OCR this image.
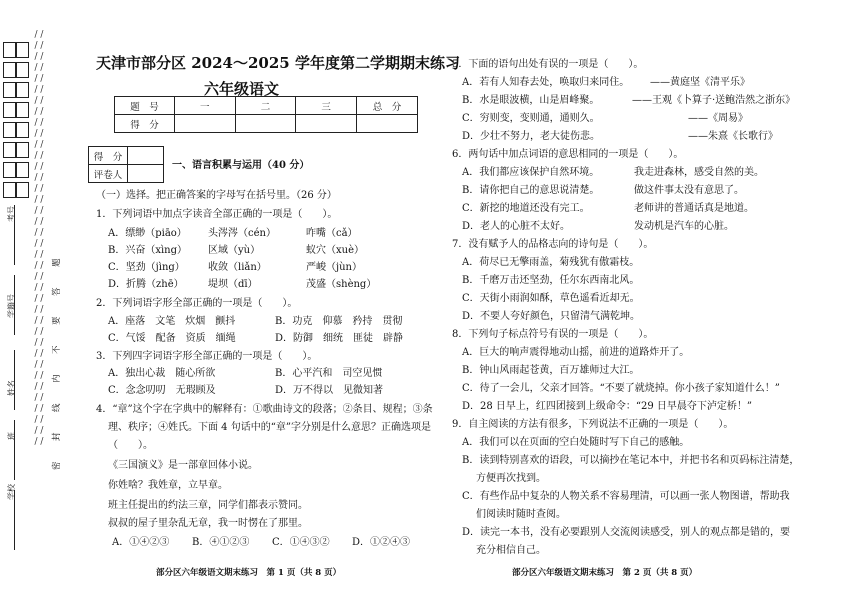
考号
学籍号
姓名
班
学校
/ / / / / / / / / / / / / / / / / / / / / / / / / / / / / / / / / / / / / / / / / / / / / / / / / / / / / / / / / / / / / / / / / / / / / / / / / / / / 密　封　线　内　不　要　答　题
天津市部分区 2024～2025 学年度第二学期期末练习
六年级语文
题　号	一	二	三	总　分
得　分				
得　分	
评卷人	
一、语言积累与运用（40 分）
（一）选择。把正确答案的字母写在括号里。（26 分）
1．下列词语中加点字读音全部正确的一项是（　　）。
A．缥缈（piāo） 头涔涔（cén）	咋嘴（cǎ）
B．兴奋（xìng） 区域（yù）	蚁穴（xuè）
C．坚劲（jìng） 收敛（liǎn）	严峻（jùn）
D．折腾（zhē） 堤坝（dī）	茂盛（shèng）
2．下列词语字形全部正确的一项是（　　）。
A．座落　文笔　炊烟　颤抖	B．功克　仰慕　矜持　贯彻
C．气馁　配备　资质　缅绳	D．防御　细统　匪徒　辟静
3．下列四字词语字形全部正确的一项是（　　）。
A．独出心裁　随心所欲	B．心平汽和　司空见惯
C．念念叨叨　无瑕顾及	D．万不得以　见微知著
4．“章”这个字在字典中的解释有：①歌曲诗文的段落；②条目、规程；③条
理、秩序；④姓氏。下面 4 句话中的“章”字分别是什么意思？正确选项是
（　　）。
《三国演义》是一部章回体小说。
你姓啥？我姓章，立早章。
班主任提出的约法三章，同学们都表示赞同。
叔叔的屋子里杂乱无章，我一时愣在了那里。
A．①④②③ B．④①②③ C．①④③② D．①②④③
部分区六年级语文期末练习　第 1 页（共 8 页）
5．下面的语句出处有误的一项是（　　）。
A．若有人知春去处，唤取归来同住。 ——黄庭坚《清平乐》
B．水是眼波横，山是眉峰聚。	——王观《卜算子·送鲍浩然之浙东》
C．穷则变，变则通，通则久。	——《周易》
D．少壮不努力，老大徒伤悲。	——朱熹《长歌行》
6．两句话中加点词语的意思相同的一项是（　　）。
A．我们都应该保护自然环境。	我走进森林，感受自然的美。
B．请你把自己的意思说清楚。	做这件事太没有意思了。
C．新挖的地道还没有完工。	老师讲的普通话真是地道。
D．老人的心脏不太好。	发动机是汽车的心脏。
7．没有赋予人的品格志向的诗句是（　　）。
A．荷尽已无擎雨盖，菊残犹有傲霜枝。
B．千磨万击还坚劲，任尔东西南北风。
C．天街小雨润如酥，草色遥看近却无。
D．不要人夸好颜色，只留清气满乾坤。
8．下列句子标点符号有误的一项是（　　）。
A．巨大的响声震得地动山摇，前进的道路炸开了。
B．钟山风雨起苍黄，百万雄师过大江。
C．待了一会儿，父亲才回答。“不要了就烧掉。你小孩子家知道什么！”
D．28 日早上，红四团接到上级命令：“29 日早晨夺下泸定桥！”
9．自主阅读的方法有很多，下列说法不正确的一项是（　　）。
A．我们可以在页面的空白处随时写下自己的感触。
B．读到特别喜欢的语段，可以摘抄在笔记本中，并把书名和页码标注清楚，
方便再次找到。
C．有些作品中复杂的人物关系不容易理清，可以画一张人物图谱，帮助我
们阅读时随时查阅。
D．读完一本书，没有必要跟别人交流阅读感受，别人的观点都是错的，要
充分相信自己。
部分区六年级语文期末练习　第 2 页（共 8 页）
